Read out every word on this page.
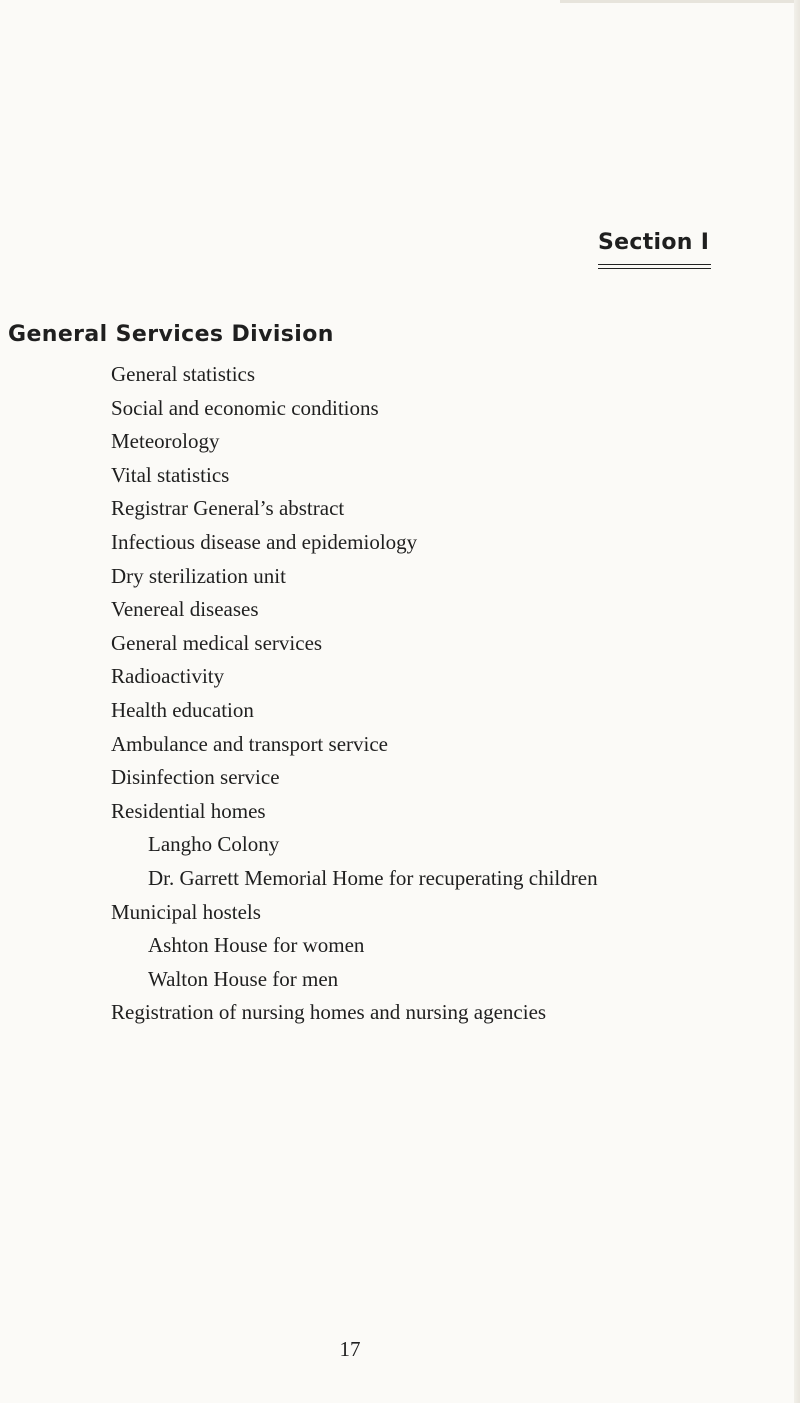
Section I
General Services Division
General statistics
Social and economic conditions
Meteorology
Vital statistics
Registrar General’s abstract
Infectious disease and epidemiology
Dry sterilization unit
Venereal diseases
General medical services
Radioactivity
Health education
Ambulance and transport service
Disinfection service
Residential homes
Langho Colony
Dr. Garrett Memorial Home for recuperating children
Municipal hostels
Ashton House for women
Walton House for men
Registration of nursing homes and nursing agencies
17
